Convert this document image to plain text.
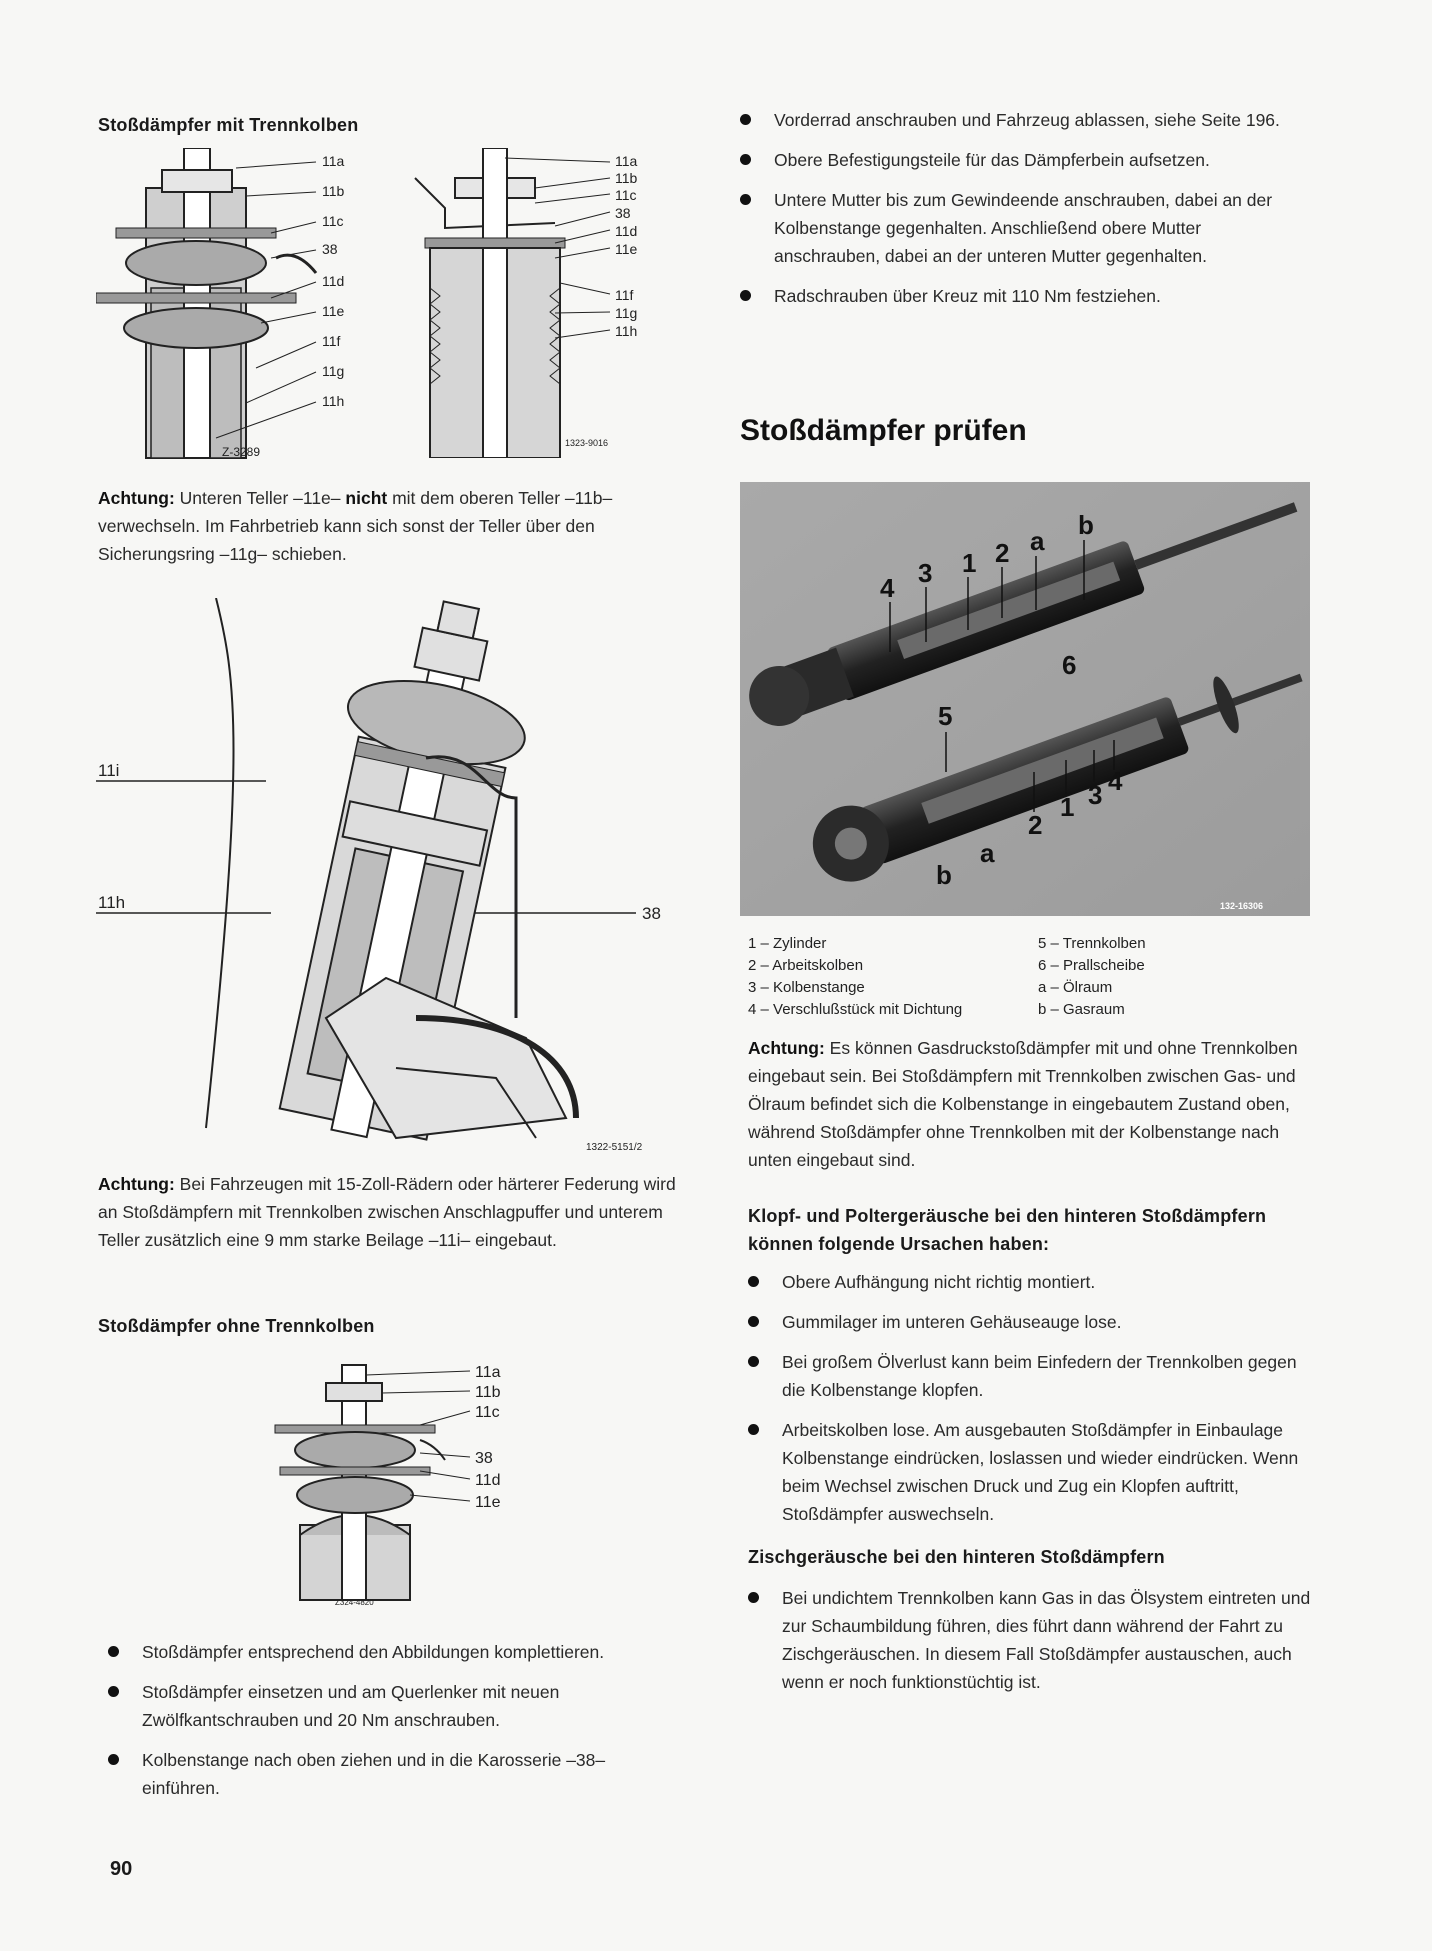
Stoßdämpfer mit Trennkolben
11a
11b
11c
38
11d
11e
11f
11g
11h
Z-3289
11a
11b
11c
38
11d
11e
11f
11g
11h
1323-9016
Achtung: Unteren Teller –11e– nicht mit dem oberen Teller –11b– verwechseln. Im Fahrbetrieb kann sich sonst der Teller über den Sicherungsring –11g– schieben.
11i
11h
38
1322-5151/2
Achtung: Bei Fahrzeugen mit 15-Zoll-Rädern oder härterer Federung wird an Stoßdämpfern mit Trennkolben zwischen Anschlagpuffer und unterem Teller zusätzlich eine 9 mm starke Beilage –11i– eingebaut.
Stoßdämpfer ohne Trennkolben
11a
11b
11c
38
11d
11e
Z324-4820
Stoßdämpfer entsprechend den Abbildungen komplettieren.
Stoßdämpfer einsetzen und am Querlenker mit neuen Zwölfkantschrauben und 20 Nm anschrauben.
Kolbenstange nach oben ziehen und in die Karosserie –38– einführen.
90
Vorderrad anschrauben und Fahrzeug ablassen, siehe Seite 196.
Obere Befestigungsteile für das Dämpferbein aufsetzen.
Untere Mutter bis zum Gewindeende anschrauben, dabei an der Kolbenstange gegenhalten. Anschließend obere Mutter anschrauben, dabei an der unteren Mutter gegenhalten.
Radschrauben über Kreuz mit 110 Nm festziehen.
Stoßdämpfer prüfen
4 3 1 2 a
b
6
5
2
1 3 4
a
b
132-16306
1 – Zylinder	5 – Trennkolben
2 – Arbeitskolben	6 – Prallscheibe
3 – Kolbenstange	a – Ölraum
4 – Verschlußstück mit Dichtung	b – Gasraum
Achtung: Es können Gasdruckstoßdämpfer mit und ohne Trennkolben eingebaut sein. Bei Stoßdämpfern mit Trennkolben zwischen Gas- und Ölraum befindet sich die Kolbenstange in eingebautem Zustand oben, während Stoßdämpfer ohne Trennkolben mit der Kolbenstange nach unten eingebaut sind.
Klopf- und Poltergeräusche bei den hinteren Stoßdämpfern können folgende Ursachen haben:
Obere Aufhängung nicht richtig montiert.
Gummilager im unteren Gehäuseauge lose.
Bei großem Ölverlust kann beim Einfedern der Trennkolben gegen die Kolbenstange klopfen.
Arbeitskolben lose. Am ausgebauten Stoßdämpfer in Einbaulage Kolbenstange eindrücken, loslassen und wieder eindrücken. Wenn beim Wechsel zwischen Druck und Zug ein Klopfen auftritt, Stoßdämpfer auswechseln.
Zischgeräusche bei den hinteren Stoßdämpfern
Bei undichtem Trennkolben kann Gas in das Ölsystem eintreten und zur Schaumbildung führen, dies führt dann während der Fahrt zu Zischgeräuschen. In diesem Fall Stoßdämpfer austauschen, auch wenn er noch funktionstüchtig ist.
